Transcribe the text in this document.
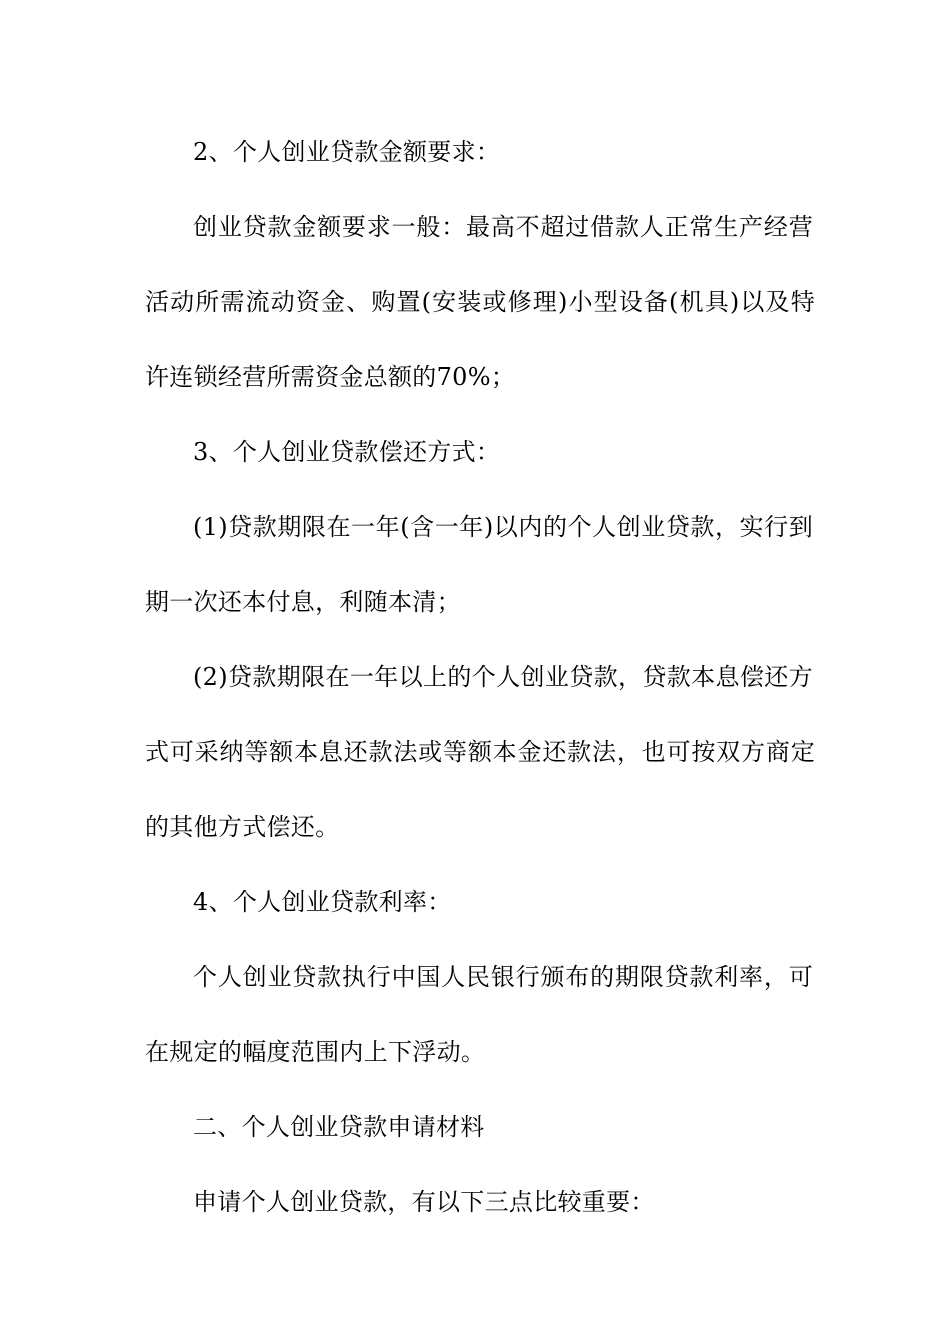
2、个人创业贷款金额要求：
创业贷款金额要求一般：最高不超过借款人正常生产经营
活动所需流动资金、购置(安装或修理)小型设备(机具)以及特
许连锁经营所需资金总额的70%；
3、个人创业贷款偿还方式：
(1)贷款期限在一年(含一年)以内的个人创业贷款，实行到
期一次还本付息，利随本清；
(2)贷款期限在一年以上的个人创业贷款，贷款本息偿还方
式可采纳等额本息还款法或等额本金还款法，也可按双方商定
的其他方式偿还。
4、个人创业贷款利率：
个人创业贷款执行中国人民银行颁布的期限贷款利率，可
在规定的幅度范围内上下浮动。
二、个人创业贷款申请材料
申请个人创业贷款，有以下三点比较重要：
